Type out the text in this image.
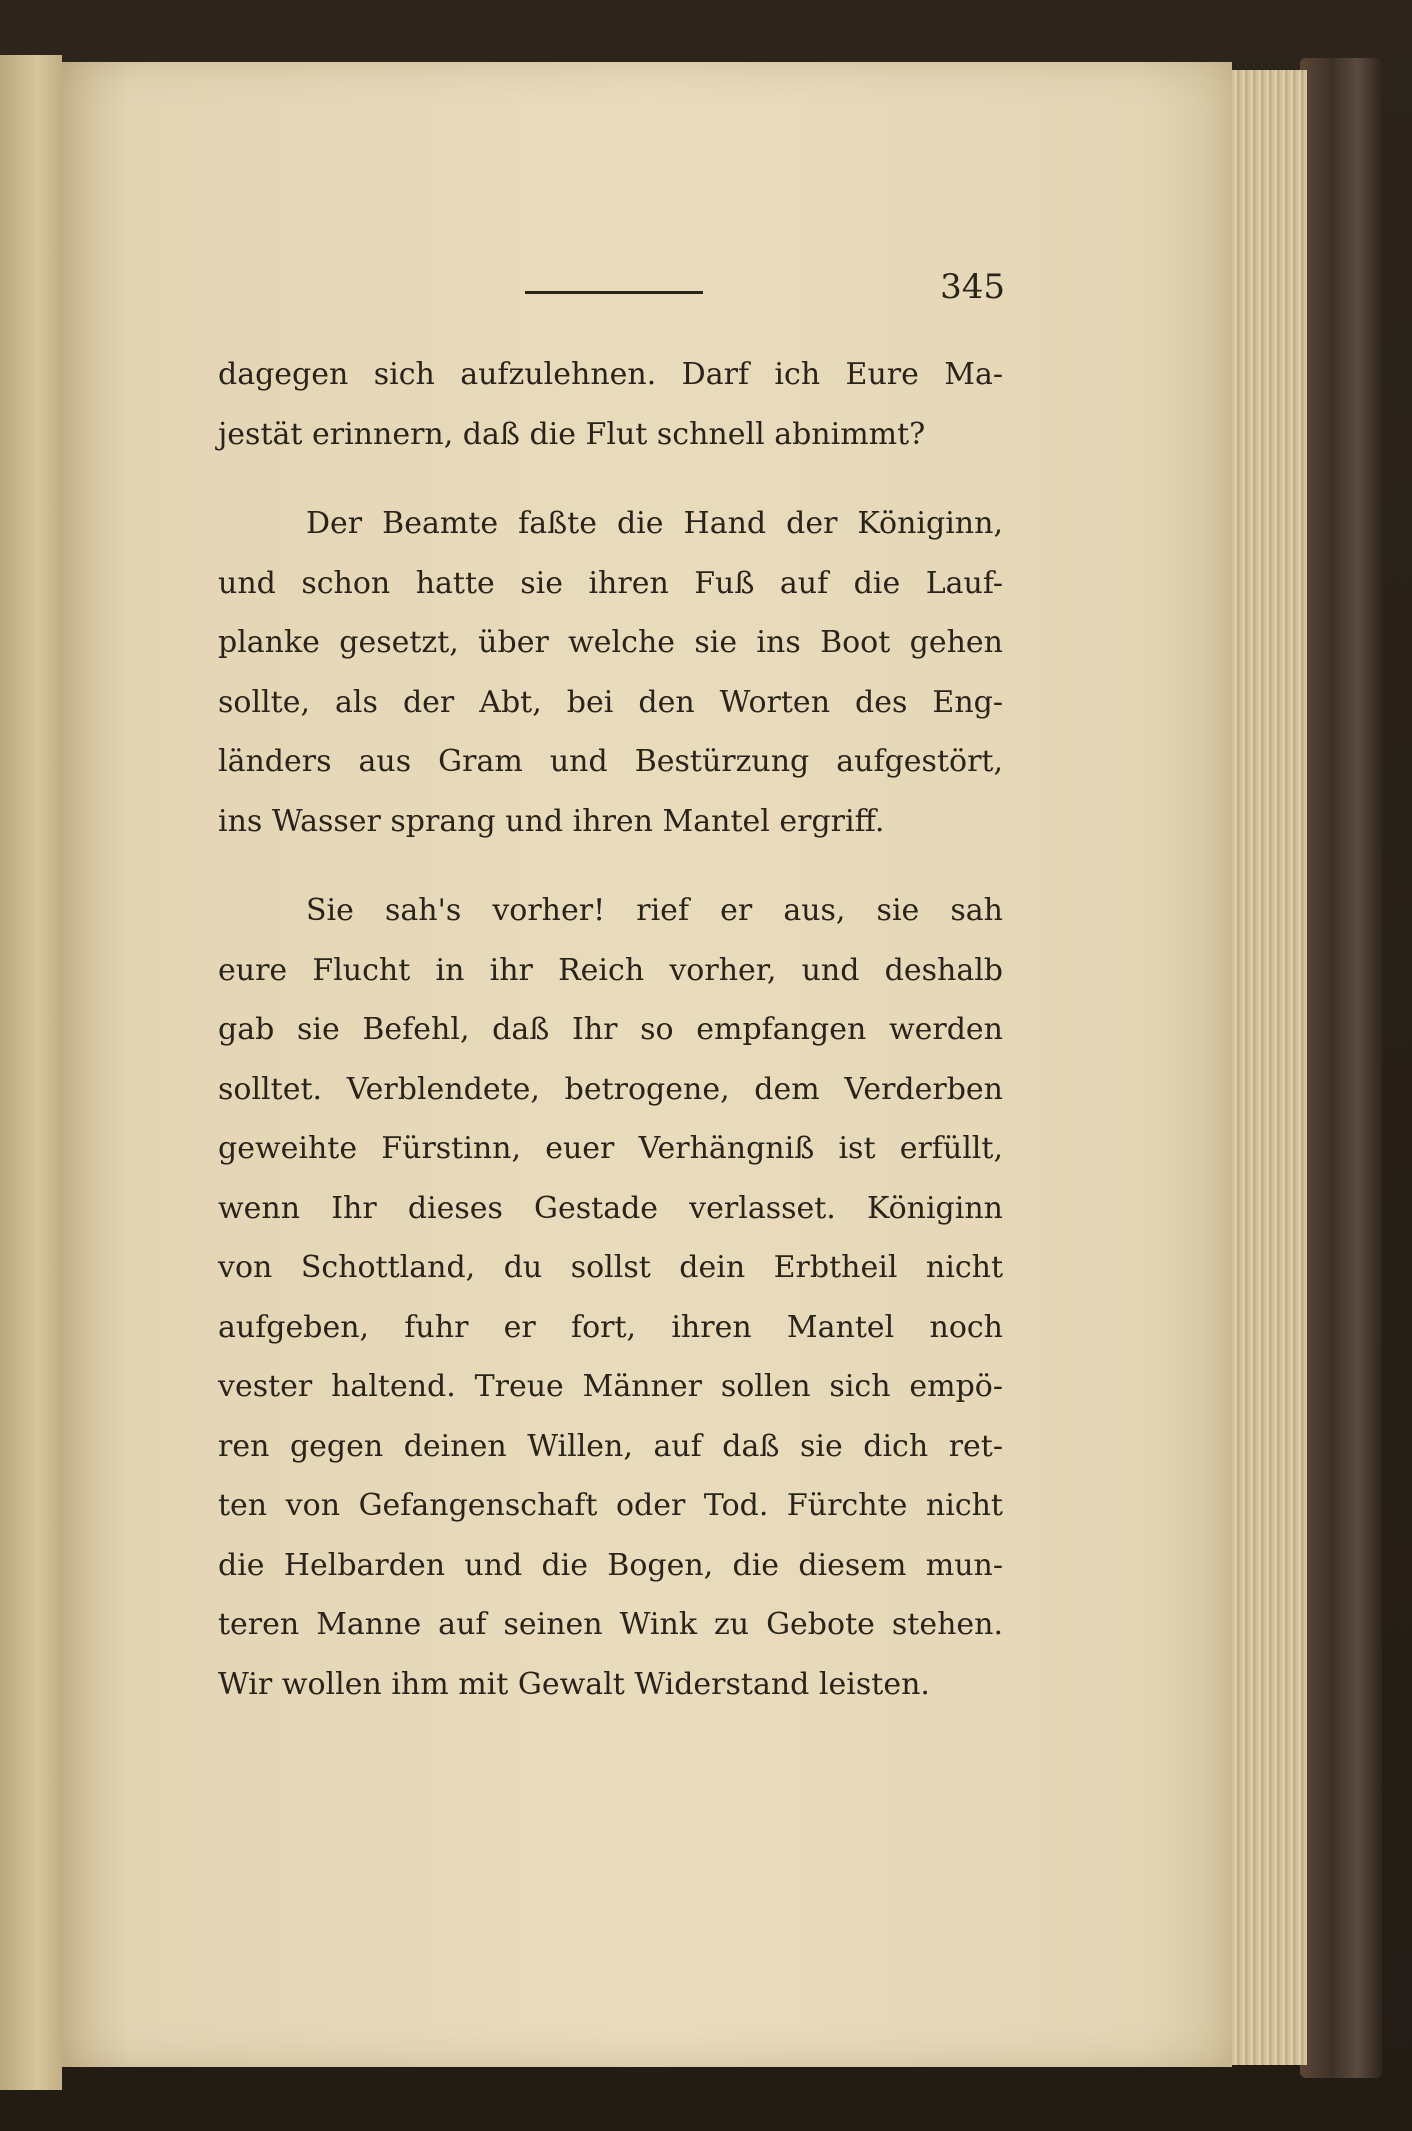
345
dagegen sich aufzulehnen. Darf ich Eure Ma-
jestät erinnern, daß die Flut schnell abnimmt?
Der Beamte faßte die Hand der Königinn,
und schon hatte sie ihren Fuß auf die Lauf-
planke gesetzt, über welche sie ins Boot gehen
sollte, als der Abt, bei den Worten des Eng-
länders aus Gram und Bestürzung aufgestört,
ins Wasser sprang und ihren Mantel ergriff.
Sie sah's vorher! rief er aus, sie sah
eure Flucht in ihr Reich vorher, und deshalb
gab sie Befehl, daß Ihr so empfangen werden
solltet. Verblendete, betrogene, dem Verderben
geweihte Fürstinn, euer Verhängniß ist erfüllt,
wenn Ihr dieses Gestade verlasset. Königinn
von Schottland, du sollst dein Erbtheil nicht
aufgeben, fuhr er fort, ihren Mantel noch
vester haltend. Treue Männer sollen sich empö-
ren gegen deinen Willen, auf daß sie dich ret-
ten von Gefangenschaft oder Tod. Fürchte nicht
die Helbarden und die Bogen, die diesem mun-
teren Manne auf seinen Wink zu Gebote stehen.
Wir wollen ihm mit Gewalt Widerstand leisten.
